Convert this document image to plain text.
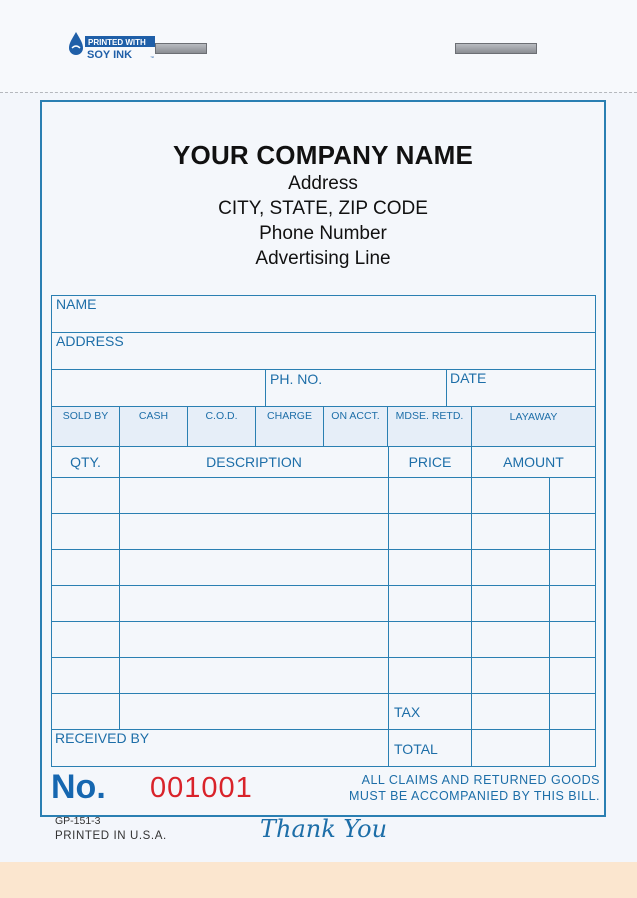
PRINTED WITH
SOY INK	™
YOUR COMPANY NAME
Address
CITY, STATE, ZIP CODE
Phone Number
Advertising Line
NAME
ADDRESS
PH. NO.	DATE
SOLD BY	CASH	C.O.D.	CHARGE	ON ACCT.	MDSE. RETD.	LAYAWAY
QTY.	DESCRIPTION	PRICE	AMOUNT
TAX
TOTAL
RECEIVED BY
No. 001001	ALL CLAIMS AND RETURNED GOODS
MUST BE ACCOMPANIED BY THIS BILL.
GP-151-3
PRINTED IN U.S.A.	Thank You
